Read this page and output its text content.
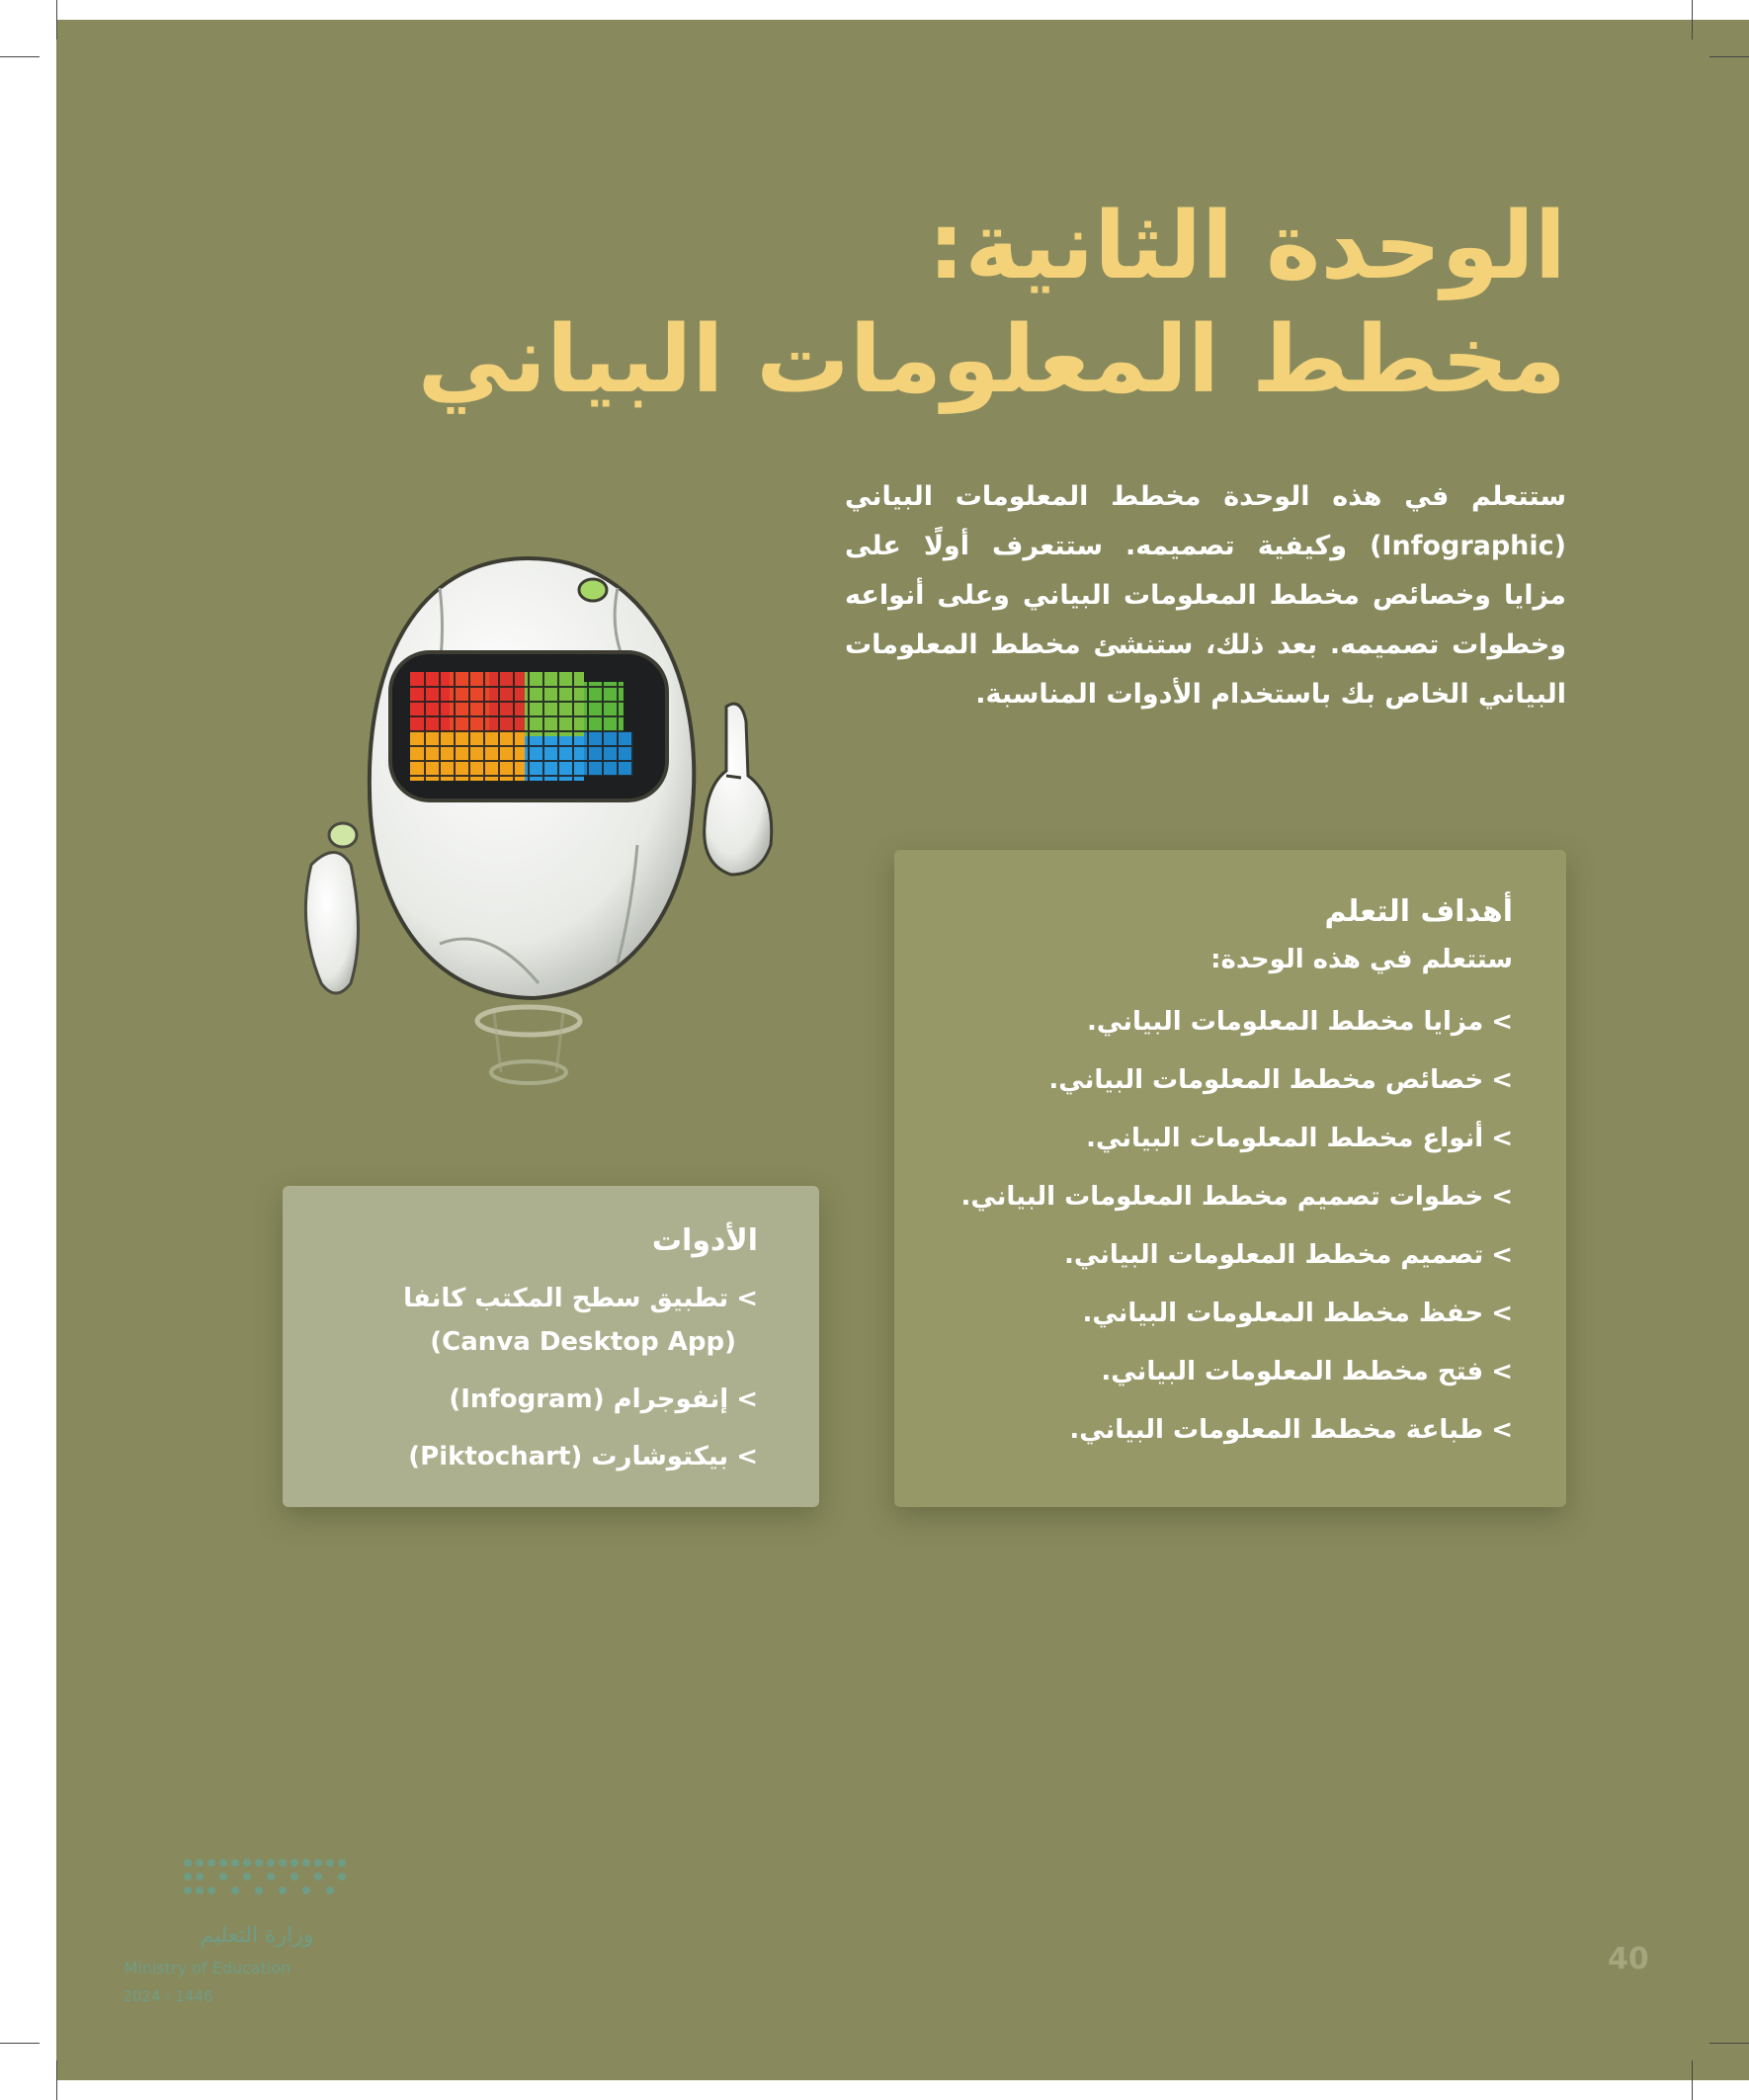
الوحدة الثانية:
مخطط المعلومات البياني

ستتعلم في هذه الوحدة مخطط المعلومات البياني (Infographic) وكيفية تصميمه. ستتعرف أولًا على مزايا وخصائص مخطط المعلومات البياني وعلى أنواعه وخطوات تصميمه. بعد ذلك، ستنشئ مخطط المعلومات البياني الخاص بك باستخدام الأدوات المناسبة.

أهداف التعلم
ستتعلم في هذه الوحدة:
>مزايا مخطط المعلومات البياني.
>خصائص مخطط المعلومات البياني.
>أنواع مخطط المعلومات البياني.
>خطوات تصميم مخطط المعلومات البياني.
>تصميم مخطط المعلومات البياني.
>حفظ مخطط المعلومات البياني.
>فتح مخطط المعلومات البياني.
>طباعة مخطط المعلومات البياني.
الأدوات
>تطبيق سطح المكتب كانفا
(Canva Desktop App)
>إنفوجرام (Infogram)
>بيكتوشارت (Piktochart)
وزارة التعليم
Ministry of Education
2024 - 1446
40
